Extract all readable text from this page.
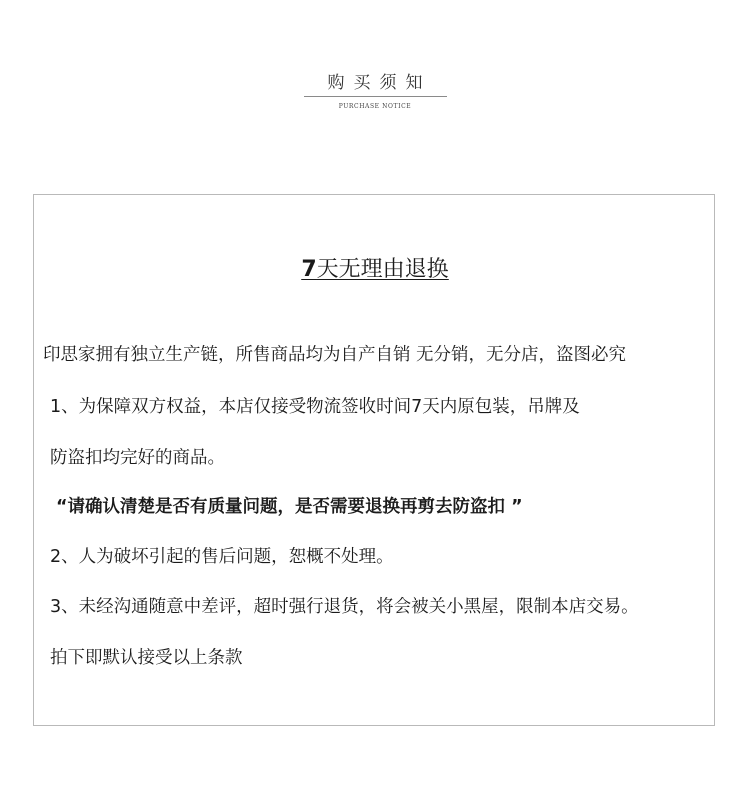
购买须知
PURCHASE NOTICE
7天无理由退换
印思家拥有独立生产链，所售商品均为自产自销 无分销，无分店，盗图必究
1、为保障双方权益，本店仅接受物流签收时间7天内原包装，吊牌及
防盗扣均完好的商品。
“请确认清楚是否有质量问题，是否需要退换再剪去防盗扣 ”
2、人为破坏引起的售后问题，恕概不处理。
3、未经沟通随意中差评，超时强行退货，将会被关小黑屋，限制本店交易。
拍下即默认接受以上条款
